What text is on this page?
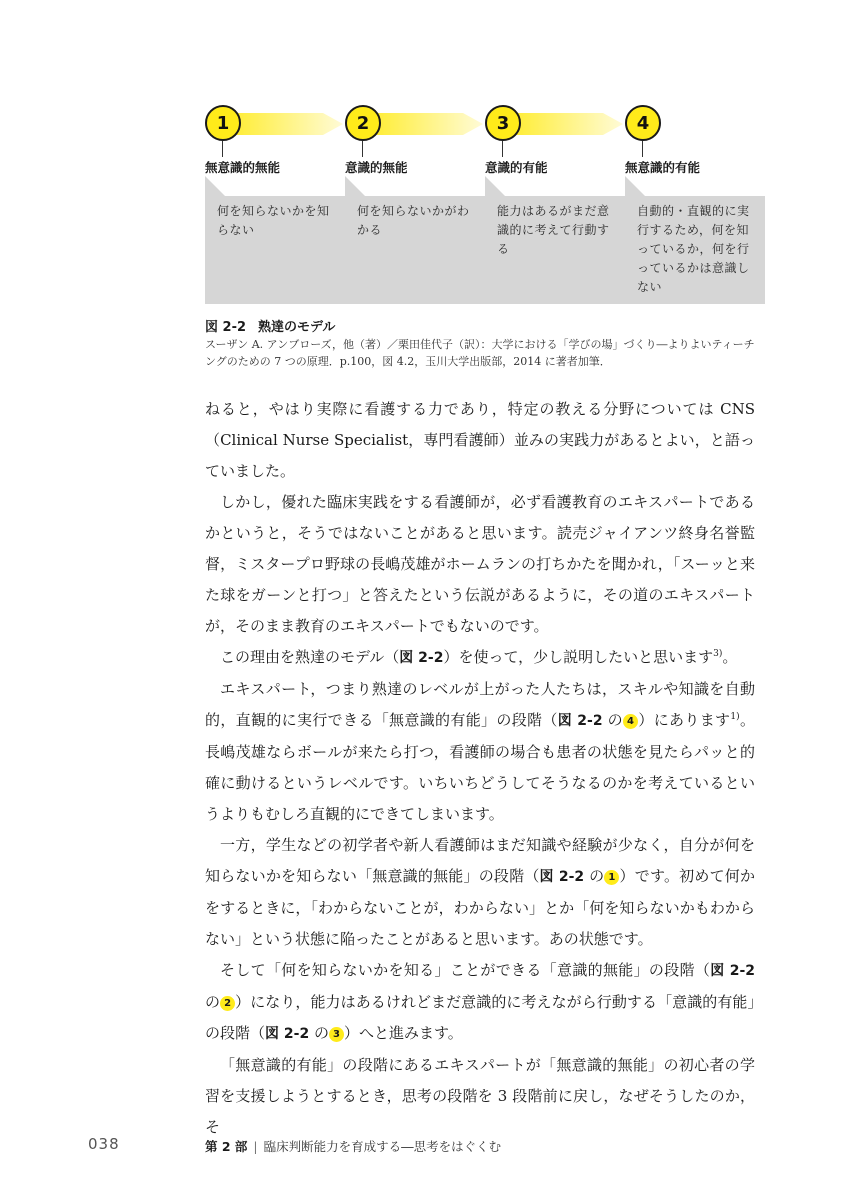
1
無意識的無能
何を知らないかを知らない
2
意識的無能
何を知らないかがわかる
3
意識的有能
能力はあるがまだ意識的に考えて行動する
4
無意識的有能
自動的・直観的に実行するため，何を知っているか，何を行っているかは意識しない
図 2-2 熟達のモデル
スーザン A. アンブローズ，他（著）／栗田佳代子（訳）：大学における「学びの場」づくり―よりよいティーチングのための 7 つの原理．p.100，図 4.2，玉川大学出版部，2014 に著者加筆．

ねると，やはり実際に看護する力であり，特定の教える分野については CNS（Clinical Nurse Specialist，専門看護師）並みの実践力があるとよい，と語っていました。

しかし，優れた臨床実践をする看護師が，必ず看護教育のエキスパートであるかというと，そうではないことがあると思います。読売ジャイアンツ終身名誉監督，ミスタープロ野球の長嶋茂雄がホームランの打ちかたを聞かれ，「スーッと来た球をガーンと打つ」と答えたという伝説があるように，その道のエキスパートが，そのまま教育のエキスパートでもないのです。

この理由を熟達のモデル（図 2-2）を使って，少し説明したいと思います$^{3)}$。

エキスパート，つまり熟達のレベルが上がった人たちは，スキルや知識を自動的，直観的に実行できる「無意識的有能」の段階（図 2-2 の 4 ）にあります$^{1)}$。長嶋茂雄ならボールが来たら打つ，看護師の場合も患者の状態を見たらパッと的確に動けるというレベルです。いちいちどうしてそうなるのかを考えているというよりもむしろ直観的にできてしまいます。

一方，学生などの初学者や新人看護師はまだ知識や経験が少なく，自分が何を知らないかを知らない「無意識的無能」の段階（図 2-2 の 1 ）です。初めて何かをするときに，「わからないことが，わからない」とか「何を知らないかもわからない」という状態に陥ったことがあると思います。あの状態です。

そして「何を知らないかを知る」ことができる「意識的無能」の段階（図 2-2 の 2 ）になり，能力はあるけれどまだ意識的に考えながら行動する「意識的有能」の段階（図 2-2 の 3 ）へと進みます。

「無意識的有能」の段階にあるエキスパートが「無意識的無能」の初心者の学習を支援しようとするとき，思考の段階を 3 段階前に戻し，なぜそうしたのか，そ

038	第 2 部 | 臨床判断能力を育成する―思考をはぐくむ
